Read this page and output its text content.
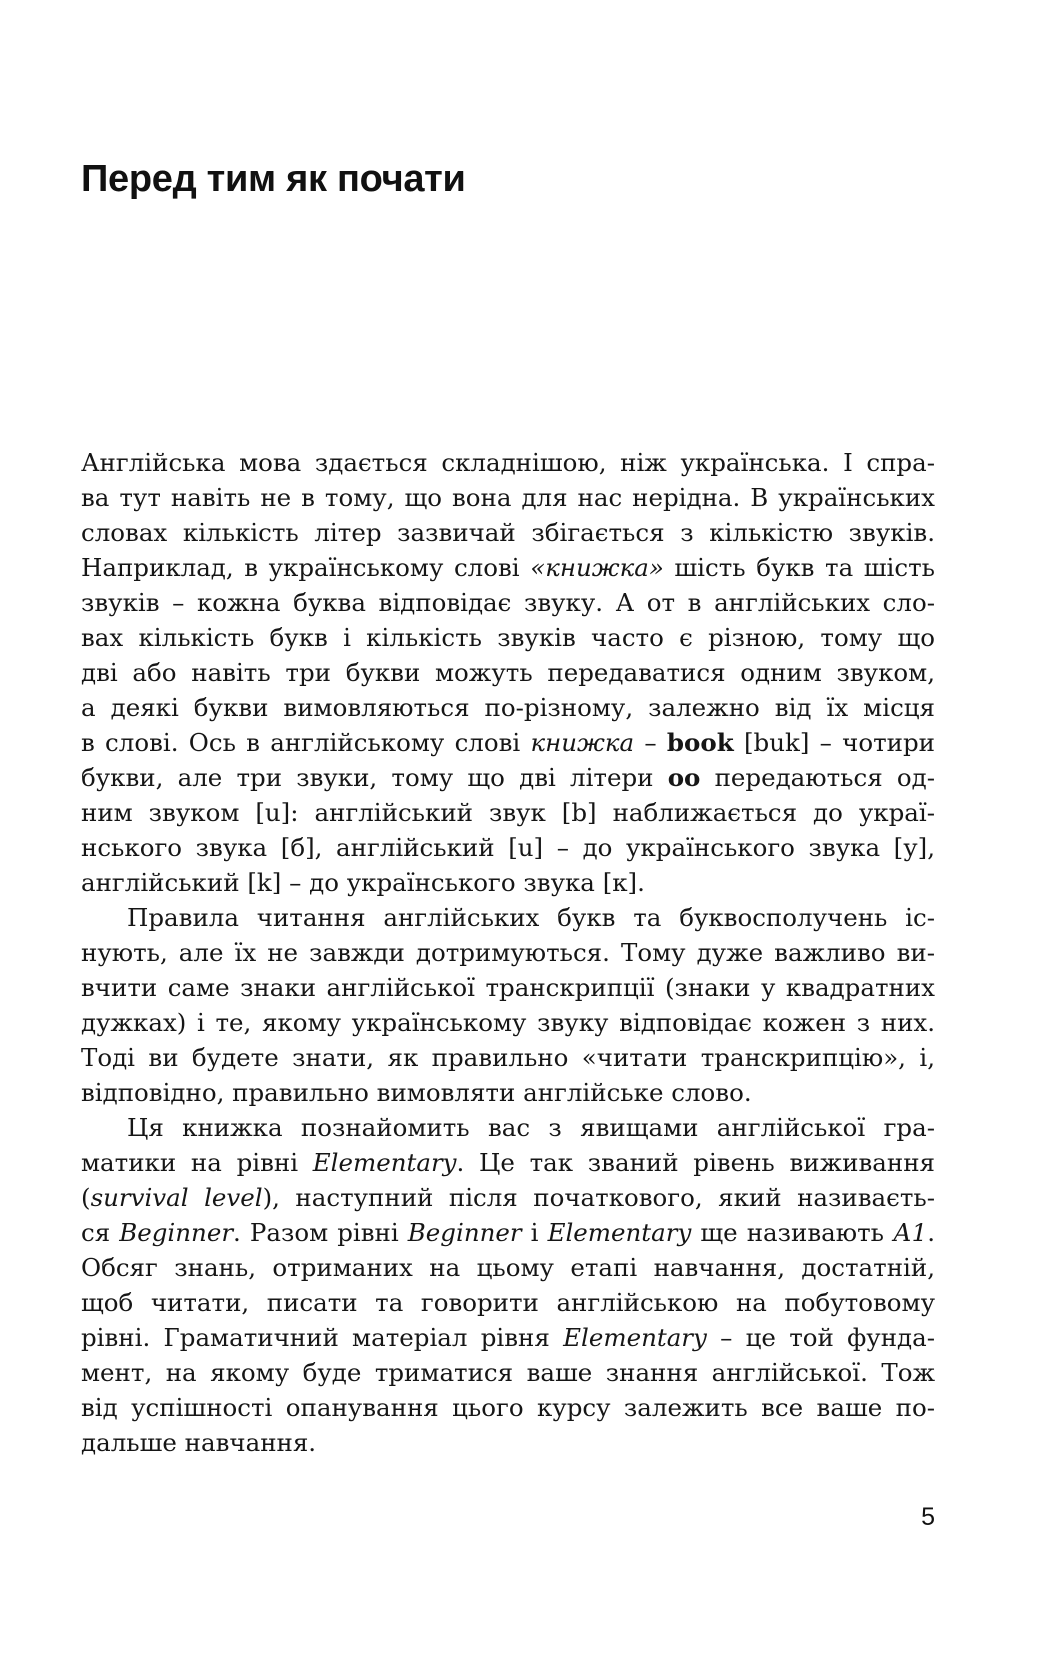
Перед тим як почати
Англійська мова здається складнішою, ніж українська. І спра-
ва тут навіть не в тому, що вона для нас нерідна. В українських
словах кількість літер зазвичай збігається з кількістю звуків.
Наприклад, в українському слові «книжка» шість букв та шість
звуків – кожна буква відповідає звуку. А от в англійських сло-
вах кількість букв і кількість звуків часто є різною, тому що
дві або навіть три букви можуть передаватися одним звуком,
а деякі букви вимовляються по-різному, залежно від їх місця
в слові. Ось в англійському слові книжка – book [buk] – чотири
букви, але три звуки, тому що дві літери oo передаються од-
ним звуком [u]: англійський звук [b] наближається до украї-
нського звука [б], англійський [u] – до українського звука [у],
англійський [k] – до українського звука [к].
Правила читання англійських букв та буквосполучень іс-
нують, але їх не завжди дотримуються. Тому дуже важливо ви-
вчити саме знаки англійської транскрипції (знаки у квадратних
дужках) і те, якому українському звуку відповідає кожен з них.
Тоді ви будете знати, як правильно «читати транскрипцію», і,
відповідно, правильно вимовляти англійське слово.
Ця книжка познайомить вас з явищами англійської гра-
матики на рівні Elementary. Це так званий рівень виживання
(survival level), наступний після початкового, який називаєть-
ся Beginner. Разом рівні Beginner і Elementary ще називають А1.
Обсяг знань, отриманих на цьому етапі навчання, достатній,
щоб читати, писати та говорити англійською на побутовому
рівні. Граматичний матеріал рівня Elementary – це той фунда-
мент, на якому буде триматися ваше знання англійської. Тож
від успішності опанування цього курсу залежить все ваше по-
дальше навчання.
5
